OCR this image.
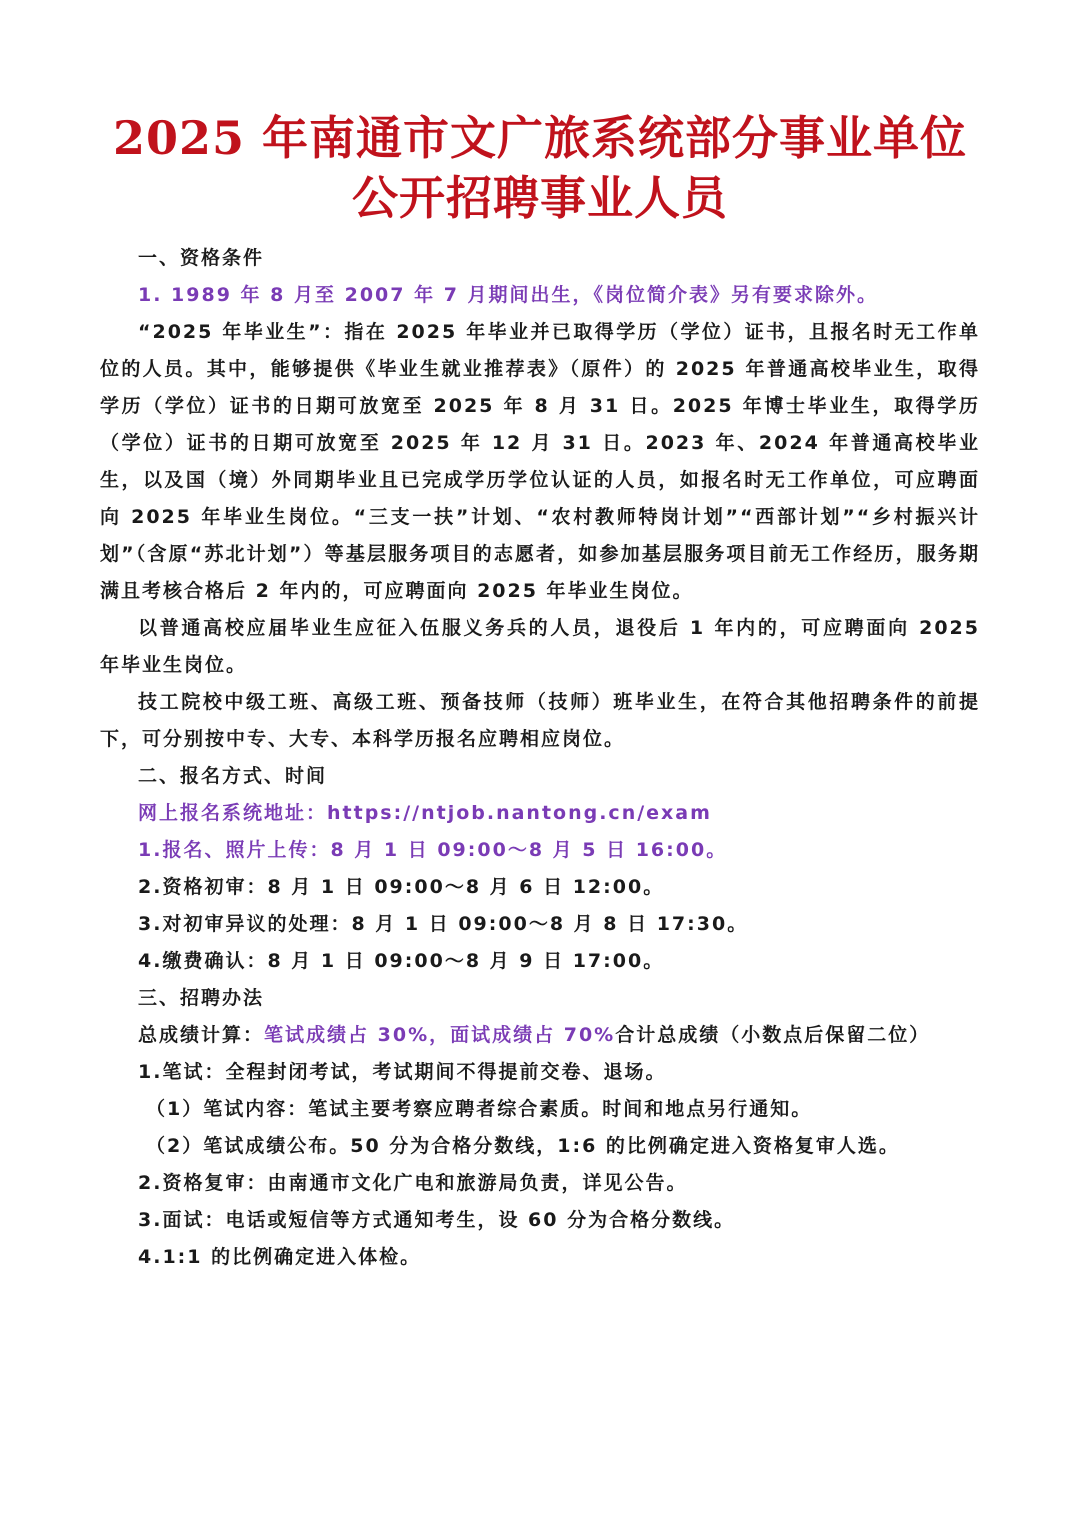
2025 年南通市文广旅系统部分事业单位

公开招聘事业人员

一、资格条件

1. 1989 年 8 月至 2007 年 7 月期间出生，《岗位简介表》另有要求除外。

“2025 年毕业生”：指在 2025 年毕业并已取得学历（学位）证书，且报名时无工作单位的人员。其中，能够提供《毕业生就业推荐表》（原件）的 2025 年普通高校毕业生，取得学历（学位）证书的日期可放宽至 2025 年 8 月 31 日。2025 年博士毕业生，取得学历（学位）证书的日期可放宽至 2025 年 12 月 31 日。2023 年、2024 年普通高校毕业生，以及国（境）外同期毕业且已完成学历学位认证的人员，如报名时无工作单位，可应聘面向 2025 年毕业生岗位。“三支一扶”计划、“农村教师特岗计划”“西部计划”“乡村振兴计划”（含原“苏北计划”）等基层服务项目的志愿者，如参加基层服务项目前无工作经历，服务期满且考核合格后 2 年内的，可应聘面向 2025 年毕业生岗位。

以普通高校应届毕业生应征入伍服义务兵的人员，退役后 1 年内的，可应聘面向 2025 年毕业生岗位。

技工院校中级工班、高级工班、预备技师（技师）班毕业生，在符合其他招聘条件的前提下，可分别按中专、大专、本科学历报名应聘相应岗位。

二、报名方式、时间

网上报名系统地址：https://ntjob.nantong.cn/exam

1.报名、照片上传：8 月 1 日 09:00～8 月 5 日 16:00。

2.资格初审：8 月 1 日 09:00～8 月 6 日 12:00。

3.对初审异议的处理：8 月 1 日 09:00～8 月 8 日 17:30。

4.缴费确认：8 月 1 日 09:00～8 月 9 日 17:00。

三、招聘办法

总成绩计算：笔试成绩占 30%，面试成绩占 70%合计总成绩（小数点后保留二位）

1.笔试：全程封闭考试，考试期间不得提前交卷、退场。

（1）笔试内容：笔试主要考察应聘者综合素质。时间和地点另行通知。

（2）笔试成绩公布。50 分为合格分数线，1:6 的比例确定进入资格复审人选。

2.资格复审：由南通市文化广电和旅游局负责，详见公告。

3.面试：电话或短信等方式通知考生，设 60 分为合格分数线。

4.1:1 的比例确定进入体检。
